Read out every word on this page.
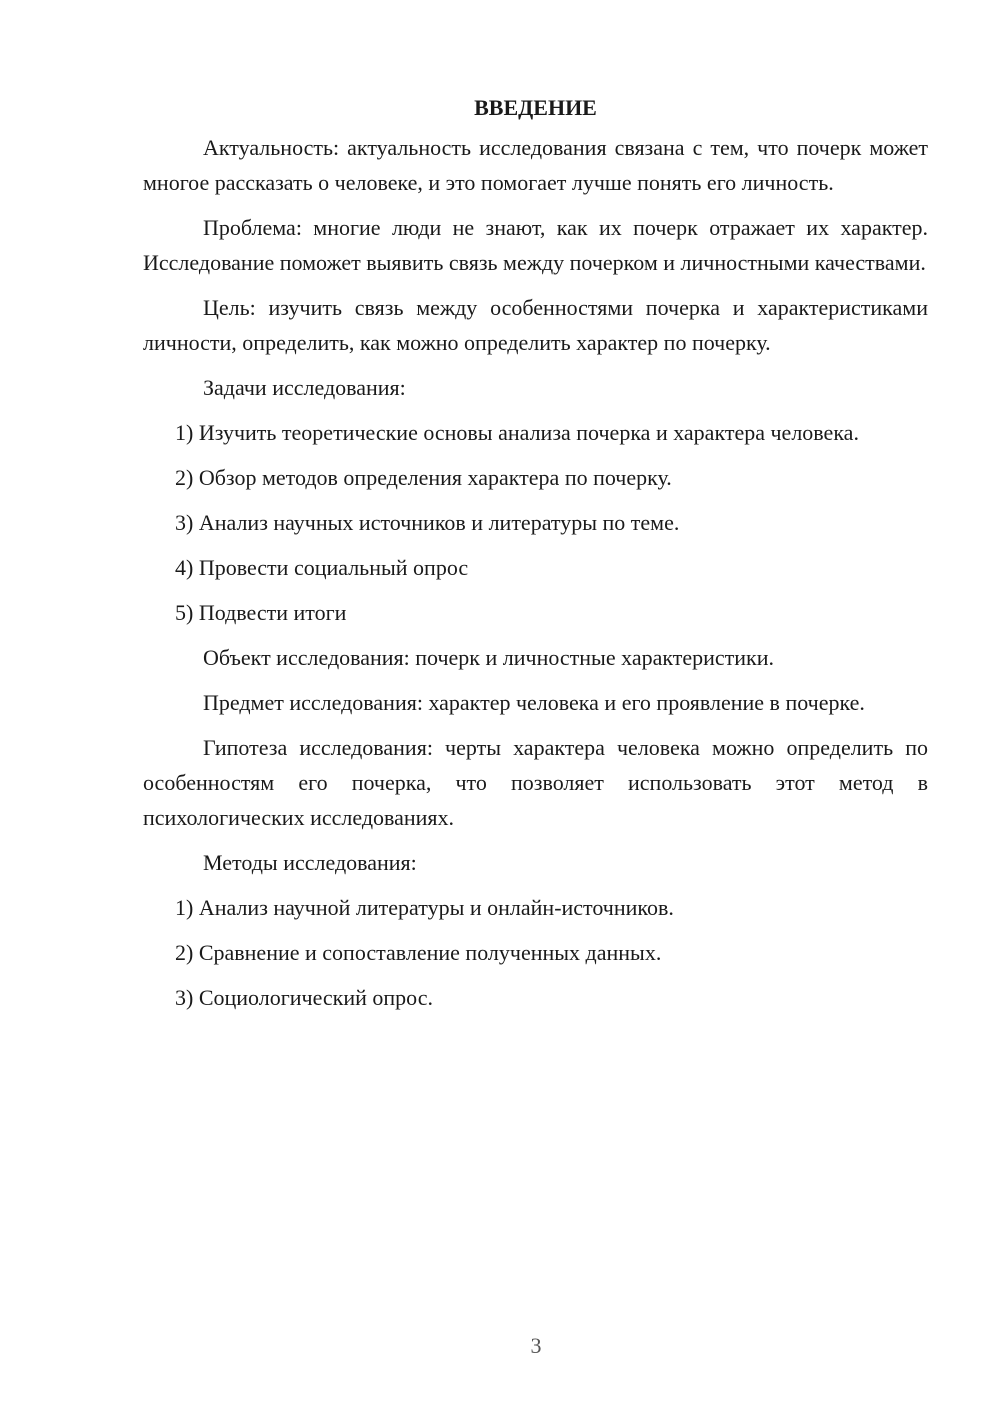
ВВЕДЕНИЕ

Актуальность: актуальность исследования связана с тем, что почерк может многое рассказать о человеке, и это помогает лучше понять его личность.

Проблема: многие люди не знают, как их почерк отражает их характер. Исследование поможет выявить связь между почерком и личностными качествами.

Цель: изучить связь между особенностями почерка и характеристиками личности, определить, как можно определить характер по почерку.

Задачи исследования:

1) Изучить теоретические основы анализа почерка и характера человека.

2) Обзор методов определения характера по почерку.

3) Анализ научных источников и литературы по теме.

4) Провести социальный опрос

5) Подвести итоги

Объект исследования: почерк и личностные характеристики.

Предмет исследования: характер человека и его проявление в почерке.

Гипотеза исследования: черты характера человека можно определить по особенностям его почерка, что позволяет использовать этот метод в психологических исследованиях.

Методы исследования:

1) Анализ научной литературы и онлайн-источников.

2) Сравнение и сопоставление полученных данных.

3) Социологический опрос.

3
